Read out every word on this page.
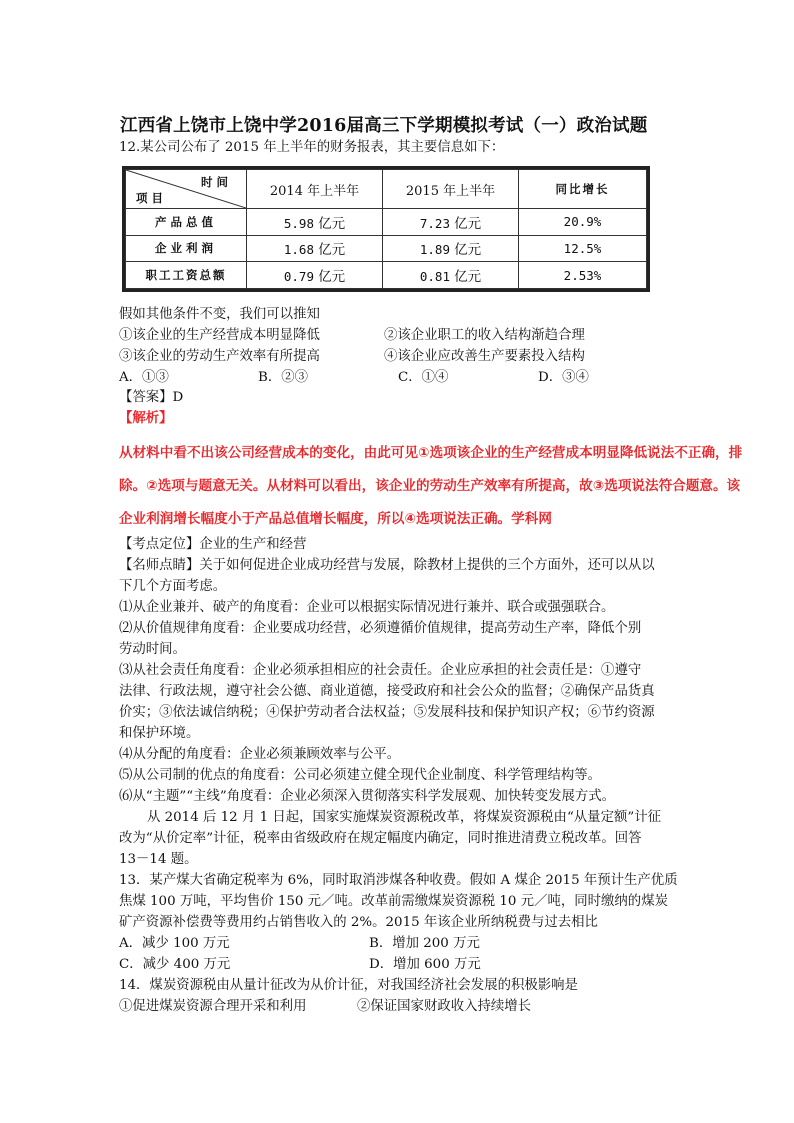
江西省上饶市上饶中学2016届高三下学期模拟考试（一）政治试题
12.某公司公布了 2015 年上半年的财务报表，其主要信息如下：
时间
项目	2014 年上半年	2015 年上半年	同比增长
产品总值	5.98 亿元	7.23 亿元	20.9%
企业利润	1.68 亿元	1.89 亿元	12.5%
职工工资总额	0.79 亿元	0.81 亿元	2.53%
假如其他条件不变，我们可以推知
①该企业的生产经营成本明显降低	②该企业职工的收入结构渐趋合理
③该企业的劳动生产效率有所提高	④该企业应改善生产要素投入结构
A．①③	B．②③	C．①④	D．③④
【答案】D
【解析】
从材料中看不出该公司经营成本的变化，由此可见①选项该企业的生产经营成本明显降低说法不正确，排
除。②选项与题意无关。从材料可以看出，该企业的劳动生产效率有所提高，故③选项说法符合题意。该
企业利润增长幅度小于产品总值增长幅度，所以④选项说法正确。学科网
【考点定位】企业的生产和经营
【名师点睛】关于如何促进企业成功经营与发展，除教材上提供的三个方面外，还可以从以
下几个方面考虑。
⑴从企业兼并、破产的角度看：企业可以根据实际情况进行兼并、联合或强强联合。
⑵从价值规律角度看：企业要成功经营，必须遵循价值规律，提高劳动生产率，降低个别
劳动时间。
⑶从社会责任角度看：企业必须承担相应的社会责任。企业应承担的社会责任是：①遵守
法律、行政法规，遵守社会公德、商业道德，接受政府和社会公众的监督；②确保产品货真
价实；③依法诚信纳税；④保护劳动者合法权益；⑤发展科技和保护知识产权；⑥节约资源
和保护环境。
⑷从分配的角度看：企业必须兼顾效率与公平。
⑸从公司制的优点的角度看：公司必须建立健全现代企业制度、科学管理结构等。
⑹从“主题”“主线”角度看：企业必须深入贯彻落实科学发展观、加快转变发展方式。
从 2014 后 12 月 1 日起，国家实施煤炭资源税改革，将煤炭资源税由“从量定额”计征
改为“从价定率”计征，税率由省级政府在规定幅度内确定，同时推进清费立税改革。回答
13－14 题。
13．某产煤大省确定税率为 6%，同时取消涉煤各种收费。假如 A 煤企 2015 年预计生产优质
焦煤 100 万吨，平均售价 150 元／吨。改革前需缴煤炭资源税 10 元／吨，同时缴纳的煤炭
矿产资源补偿费等费用约占销售收入的 2%。2015 年该企业所纳税费与过去相比
A．减少 100 万元	B．增加 200 万元
C．减少 400 万元	D．增加 600 万元
14．煤炭资源税由从量计征改为从价计征，对我国经济社会发展的积极影响是
①促进煤炭资源合理开采和利用	②保证国家财政收入持续增长
